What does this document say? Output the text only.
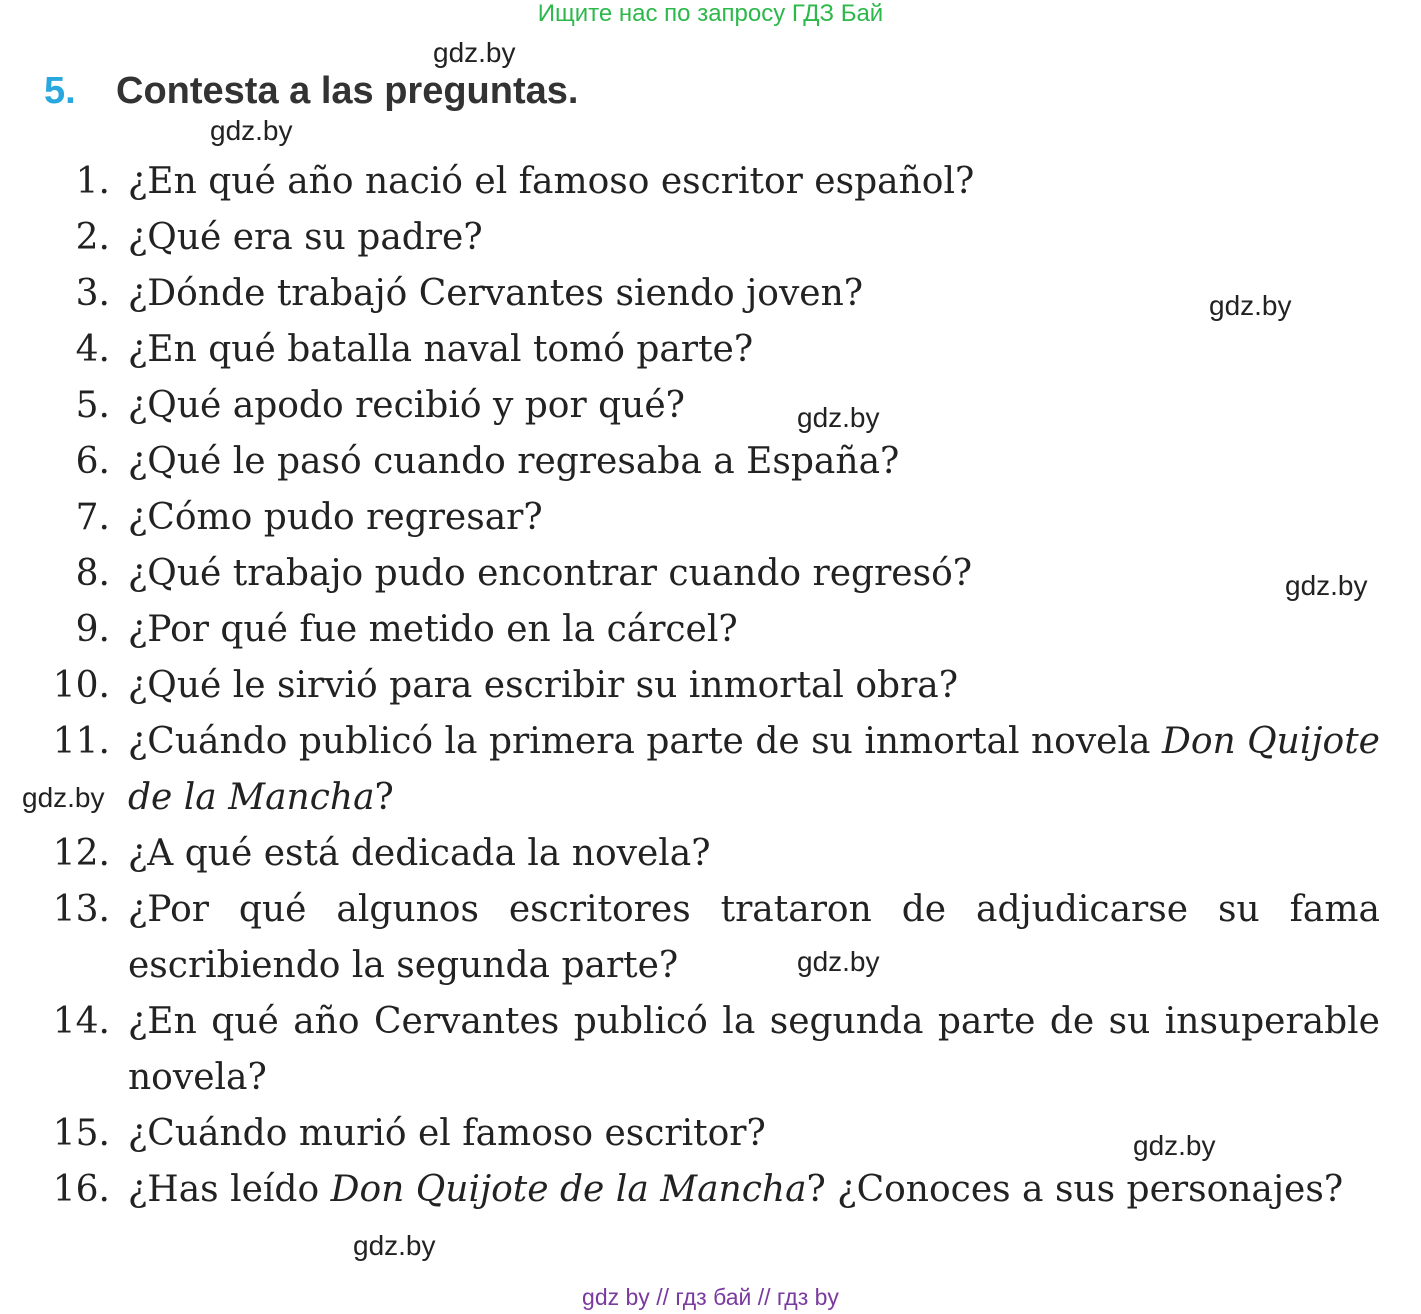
Ищите нас по запросу ГДЗ Бай
5. Contesta a las preguntas.
1. ¿En qué año nació el famoso escritor español?
2. ¿Qué era su padre?
3. ¿Dónde trabajó Cervantes siendo joven?
4. ¿En qué batalla naval tomó parte?
5. ¿Qué apodo recibió y por qué?
6. ¿Qué le pasó cuando regresaba a España?
7. ¿Cómo pudo regresar?
8. ¿Qué trabajo pudo encontrar cuando regresó?
9. ¿Por qué fue metido en la cárcel?
10. ¿Qué le sirvió para escribir su inmortal obra?
11. ¿Cuándo publicó la primera parte de su inmortal novela Don Quijote de la Mancha?
12. ¿A qué está dedicada la novela?
13. ¿Por qué algunos escritores trataron de adjudicarse su fama escribiendo la segunda parte?
14. ¿En qué año Cervantes publicó la segunda parte de su insuperable novela?
15. ¿Cuándo murió el famoso escritor?
16. ¿Has leído Don Quijote de la Mancha? ¿Conoces a sus personajes?
gdz.by
gdz.by
gdz.by
gdz.by
gdz.by
gdz.by
gdz.by
gdz.by
gdz.by
gdz by // гдз бай // гдз by
